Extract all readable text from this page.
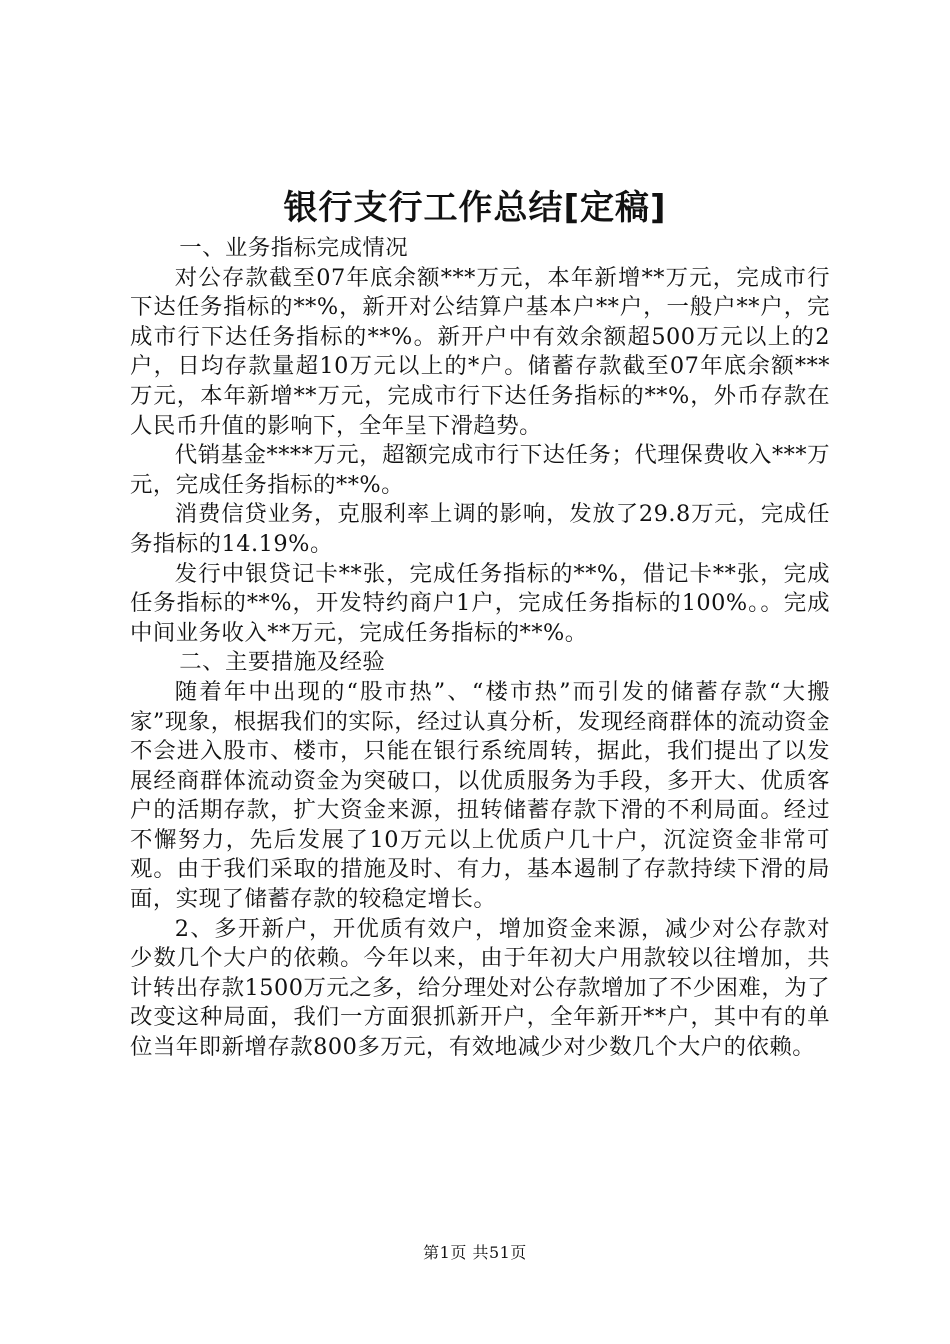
银行支行工作总结[定稿]

一、业务指标完成情况

对公存款截至07年底余额***万元，本年新增**万元，完成市行下达任务指标的**%，新开对公结算户基本户**户，一般户**户，完成市行下达任务指标的**%。新开户中有效余额超500万元以上的2户，日均存款量超10万元以上的*户。储蓄存款截至07年底余额***万元，本年新增**万元，完成市行下达任务指标的**%，外币存款在人民币升值的影响下，全年呈下滑趋势。

代销基金****万元，超额完成市行下达任务；代理保费收入***万元，完成任务指标的**%。

消费信贷业务，克服利率上调的影响，发放了29.8万元，完成任务指标的14.19%。

发行中银贷记卡**张，完成任务指标的**%，借记卡**张，完成任务指标的**%，开发特约商户1户，完成任务指标的100%。。完成中间业务收入**万元，完成任务指标的**%。

二、主要措施及经验

随着年中出现的“股市热”、“楼市热”而引发的储蓄存款“大搬家”现象，根据我们的实际，经过认真分析，发现经商群体的流动资金不会进入股市、楼市，只能在银行系统周转，据此，我们提出了以发展经商群体流动资金为突破口，以优质服务为手段，多开大、优质客户的活期存款，扩大资金来源，扭转储蓄存款下滑的不利局面。经过不懈努力，先后发展了10万元以上优质户几十户，沉淀资金非常可观。由于我们采取的措施及时、有力，基本遏制了存款持续下滑的局面，实现了储蓄存款的较稳定增长。

2、多开新户，开优质有效户，增加资金来源，减少对公存款对少数几个大户的依赖。今年以来，由于年初大户用款较以往增加，共计转出存款1500万元之多，给分理处对公存款增加了不少困难，为了改变这种局面，我们一方面狠抓新开户，全年新开**户，其中有的单位当年即新增存款800多万元，有效地减少对少数几个大户的依赖。

第1页 共51页
